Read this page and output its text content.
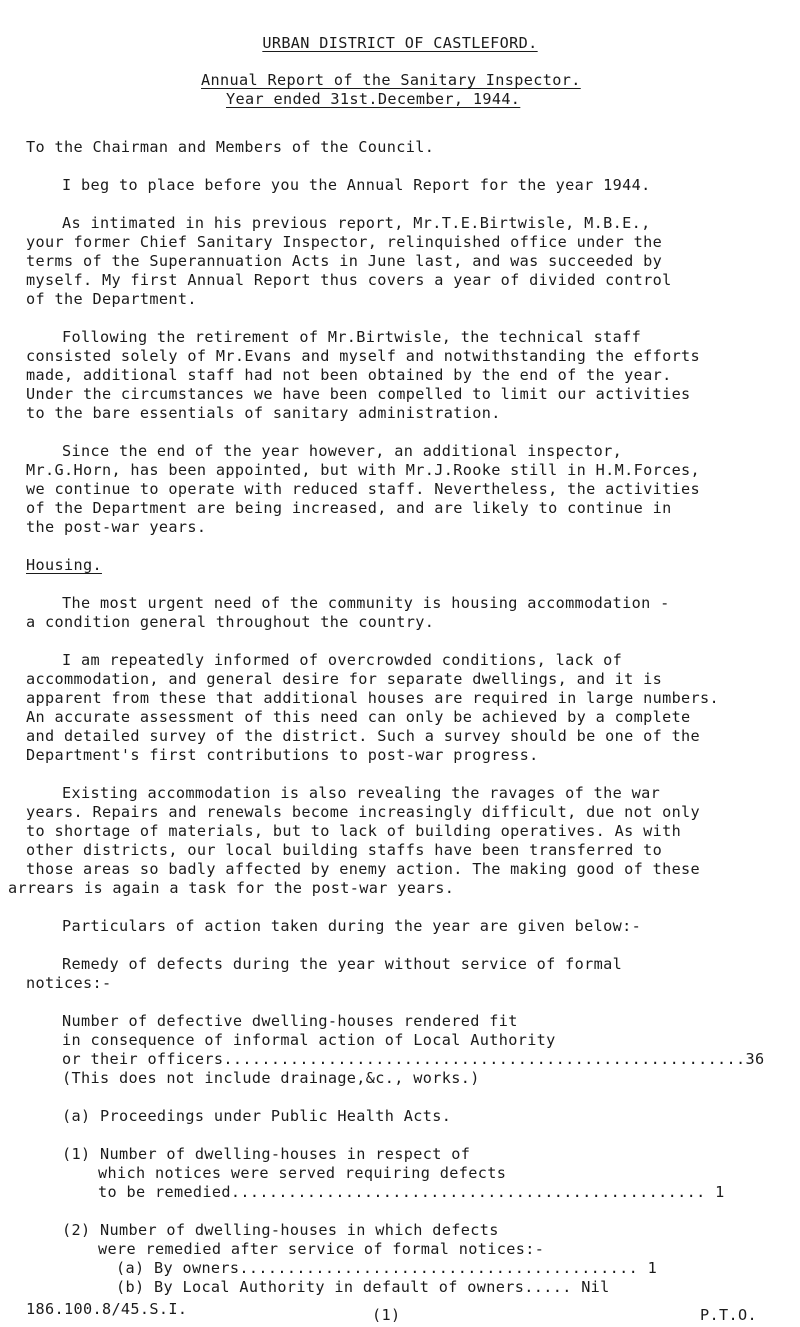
URBAN DISTRICT OF CASTLEFORD.
Annual Report of the Sanitary Inspector.
Year ended 31st.December, 1944.
To the Chairman and Members of the Council.
I beg to place before you the Annual Report for the year 1944.
As intimated in his previous report, Mr.T.E.Birtwisle, M.B.E.,
your former Chief Sanitary Inspector, relinquished office under the
terms of the Superannuation Acts in June last, and was succeeded by
myself. My first Annual Report thus covers a year of divided control
of the Department.
Following the retirement of Mr.Birtwisle, the technical staff
consisted solely of Mr.Evans and myself and notwithstanding the efforts
made, additional staff had not been obtained by the end of the year.
Under the circumstances we have been compelled to limit our activities
to the bare essentials of sanitary administration.
Since the end of the year however, an additional inspector,
Mr.G.Horn, has been appointed, but with Mr.J.Rooke still in H.M.Forces,
we continue to operate with reduced staff. Nevertheless, the activities
of the Department are being increased, and are likely to continue in
the post-war years.
Housing.
The most urgent need of the community is housing accommodation -
a condition general throughout the country.
I am repeatedly informed of overcrowded conditions, lack of
accommodation, and general desire for separate dwellings, and it is
apparent from these that additional houses are required in large numbers.
An accurate assessment of this need can only be achieved by a complete
and detailed survey of the district. Such a survey should be one of the
Department's first contributions to post-war progress.
Existing accommodation is also revealing the ravages of the war
years. Repairs and renewals become increasingly difficult, due not only
to shortage of materials, but to lack of building operatives. As with
other districts, our local building staffs have been transferred to
those areas so badly affected by enemy action. The making good of these
arrears is again a task for the post-war years.
Particulars of action taken during the year are given below:-
Remedy of defects during the year without service of formal
notices:-
Number of defective dwelling-houses rendered fit
in consequence of informal action of Local Authority
or their officers.......................................................36
(This does not include drainage,&c., works.)
(a) Proceedings under Public Health Acts.
(1) Number of dwelling-houses in respect of
which notices were served requiring defects
to be remedied.................................................. 1
(2) Number of dwelling-houses in which defects
were remedied after service of formal notices:-
(a) By owners.......................................... 1
(b) By Local Authority in default of owners..... Nil
186.100.8/45.S.I.	(1)	P.T.O.
